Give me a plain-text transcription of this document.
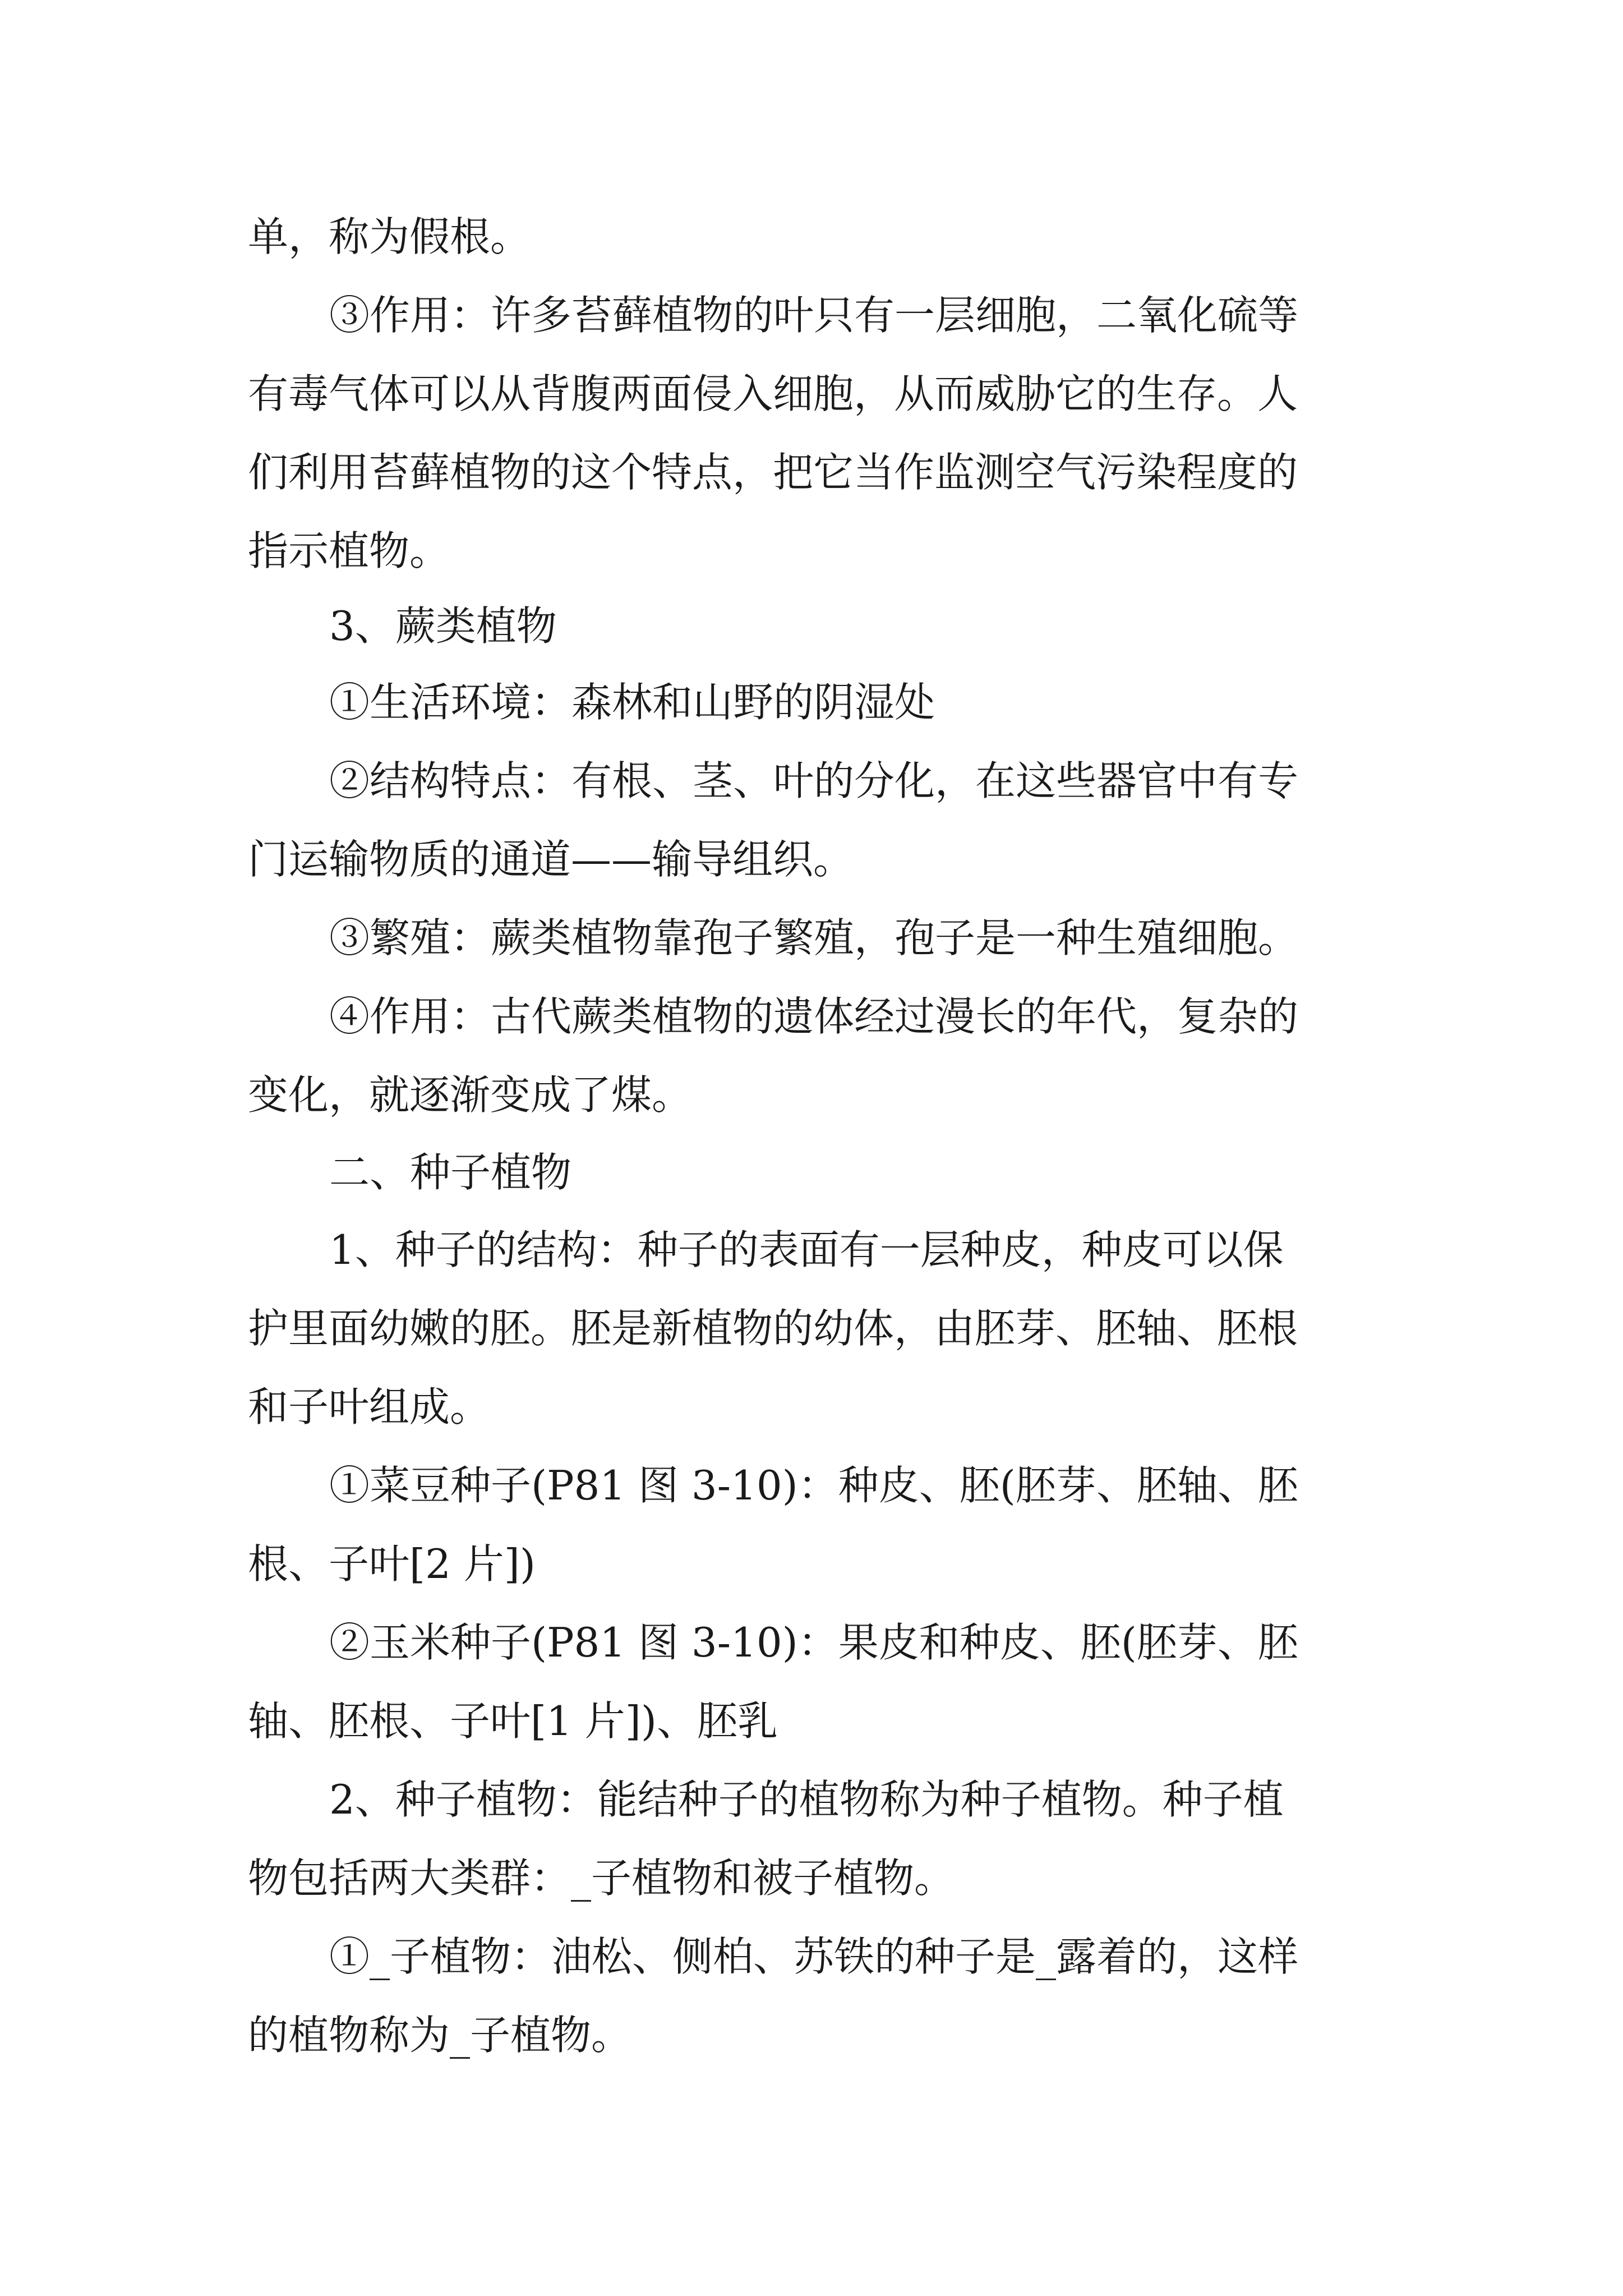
单，称为假根。

③作用：许多苔藓植物的叶只有一层细胞，二氧化硫等

有毒气体可以从背腹两面侵入细胞，从而威胁它的生存。人

们利用苔藓植物的这个特点，把它当作监测空气污染程度的

指示植物。

3、蕨类植物

①生活环境：森林和山野的阴湿处

②结构特点：有根、茎、叶的分化，在这些器官中有专

门运输物质的通道——输导组织。

③繁殖：蕨类植物靠孢子繁殖，孢子是一种生殖细胞。

④作用：古代蕨类植物的遗体经过漫长的年代，复杂的

变化，就逐渐变成了煤。

二、种子植物

1、种子的结构：种子的表面有一层种皮，种皮可以保

护里面幼嫩的胚。胚是新植物的幼体，由胚芽、胚轴、胚根

和子叶组成。

①菜豆种子(P81 图 3-10)：种皮、胚(胚芽、胚轴、胚

根、子叶[2 片])

②玉米种子(P81 图 3-10)：果皮和种皮、胚(胚芽、胚

轴、胚根、子叶[1 片])、胚乳

2、种子植物：能结种子的植物称为种子植物。种子植

物包括两大类群：_子植物和被子植物。

①_子植物：油松、侧柏、苏铁的种子是_露着的，这样

的植物称为_子植物。
